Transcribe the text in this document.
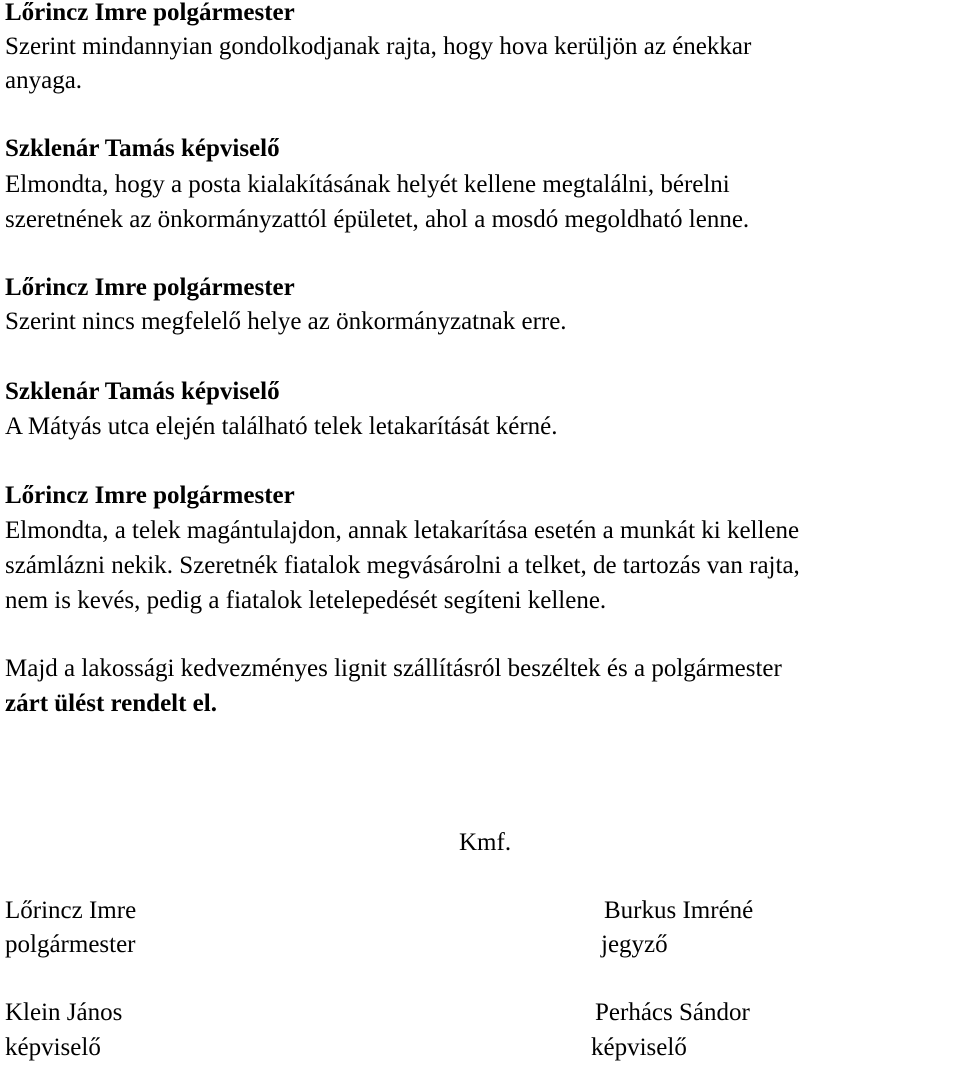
Lőrincz Imre polgármester
Szerint mindannyian gondolkodjanak rajta, hogy hova kerüljön az énekkar
anyaga.
Szklenár Tamás képviselő
Elmondta, hogy a posta kialakításának helyét kellene megtalálni, bérelni
szeretnének az önkormányzattól épületet, ahol a mosdó megoldható lenne.
Lőrincz Imre polgármester
Szerint nincs megfelelő helye az önkormányzatnak erre.
Szklenár Tamás képviselő
A Mátyás utca elején található telek letakarítását kérné.
Lőrincz Imre polgármester
Elmondta, a telek magántulajdon, annak letakarítása esetén a munkát ki kellene
számlázni nekik. Szeretnék fiatalok megvásárolni a telket, de tartozás van rajta,
nem is kevés, pedig a fiatalok letelepedését segíteni kellene.
Majd a lakossági kedvezményes lignit szállításról beszéltek és a polgármester
zárt ülést rendelt el.
Kmf.
Lőrincz Imre
polgármester
Burkus Imréné
jegyző
Klein János
képviselő
Perhács Sándor
képviselő
